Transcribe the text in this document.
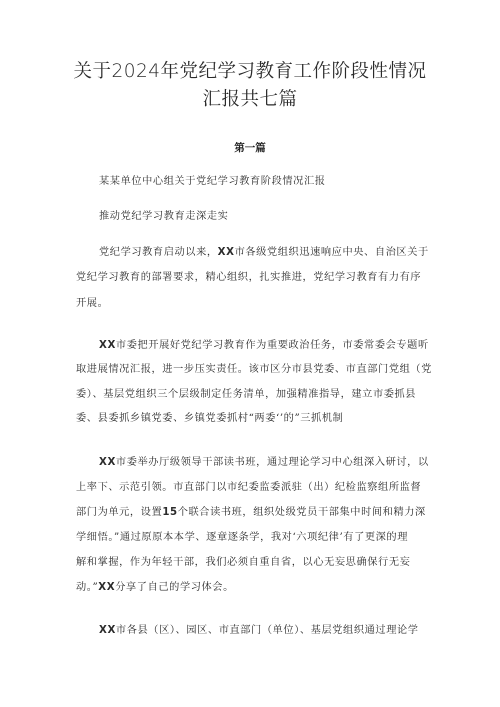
关于2024年党纪学习教育工作阶段性情况
汇报共七篇
第一篇
某某单位中心组关于党纪学习教育阶段情况汇报
推动党纪学习教育走深走实
党纪学习教育启动以来，XX市各级党组织迅速响应中央、自治区关于
党纪学习教育的部署要求，精心组织，扎实推进，党纪学习教育有力有序
开展。
XX市委把开展好党纪学习教育作为重要政治任务，市委常委会专题听
取进展情况汇报，进一步压实责任。该市区分市县党委、市直部门党组（党
委）、基层党组织三个层级制定任务清单，加强精准指导，建立市委抓县
委、县委抓乡镇党委、乡镇党委抓村“两委‘’的”三抓机制
XX市委举办厅级领导干部读书班，通过理论学习中心组深入研讨，以
上率下、示范引领。市直部门以市纪委监委派驻（出）纪检监察组所监督
部门为单元，设置15个联合读书班，组织处级党员干部集中时间和精力深
学细悟。”通过原原本本学、逐章逐条学，我对‘六项纪律’有了更深的理
解和掌握，作为年轻干部，我们必须自重自省，以心无妄思确保行无妄
动。”XX分享了自己的学习体会。
XX市各县（区）、园区、市直部门（单位）、基层党组织通过理论学
